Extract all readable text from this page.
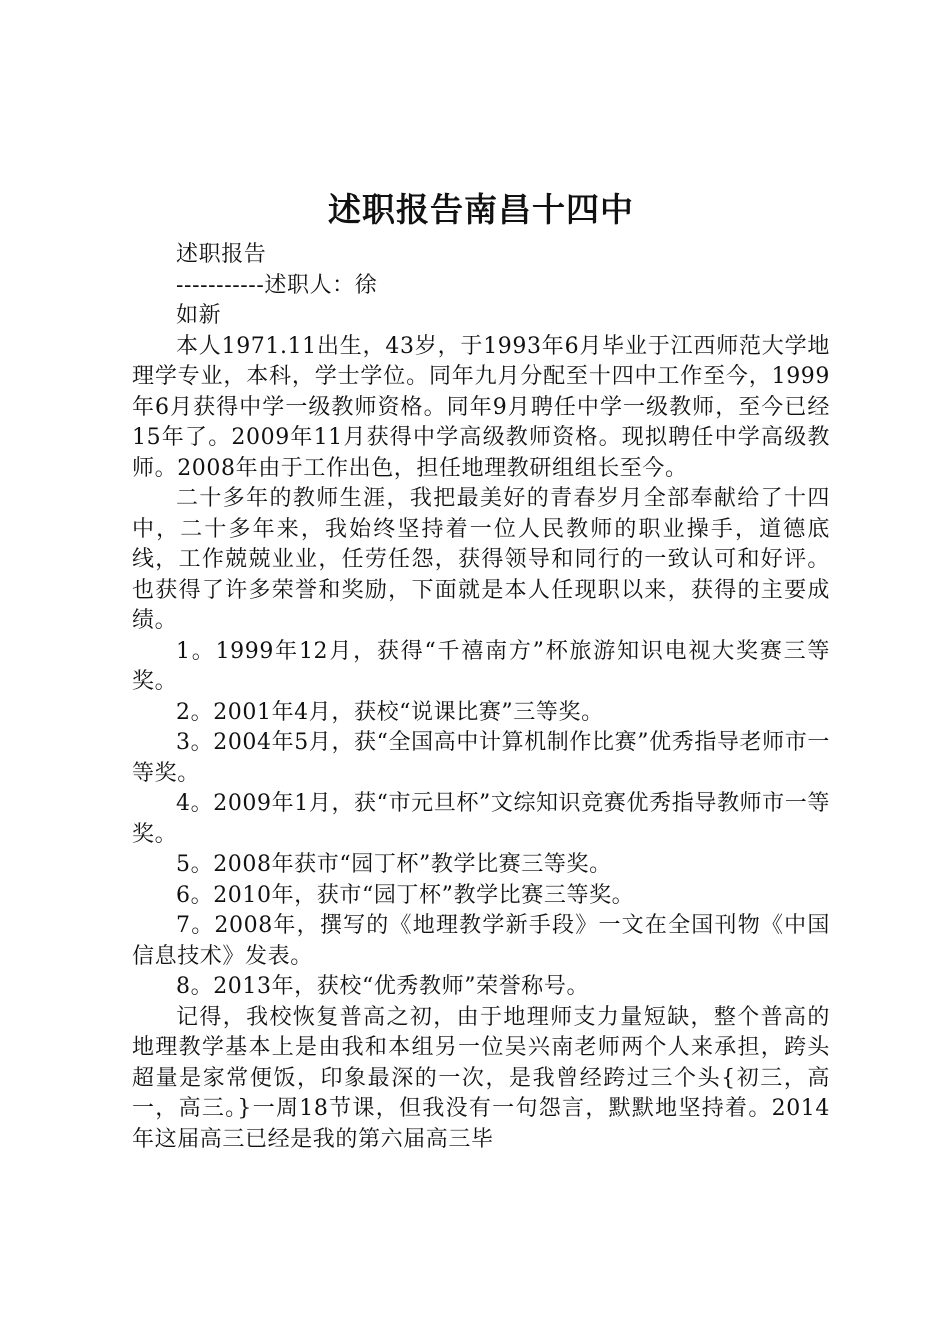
述职报告南昌十四中

述职报告

-----------述职人：徐

如新

本人1971.11出生，43岁，于1993年6月毕业于江西师范大学地理学专业，本科，学士学位。同年九月分配至十四中工作至今，1999年6月获得中学一级教师资格。同年9月聘任中学一级教师，至今已经15年了。2009年11月获得中学高级教师资格。现拟聘任中学高级教师。2008年由于工作出色，担任地理教研组组长至今。

二十多年的教师生涯，我把最美好的青春岁月全部奉献给了十四中，二十多年来，我始终坚持着一位人民教师的职业操手，道德底线，工作兢兢业业，任劳任怨，获得领导和同行的一致认可和好评。也获得了许多荣誉和奖励，下面就是本人任现职以来，获得的主要成绩。

1。1999年12月，获得“千禧南方”杯旅游知识电视大奖赛三等奖。

2。2001年4月，获校“说课比赛”三等奖。

3。2004年5月，获“全国高中计算机制作比赛”优秀指导老师市一等奖。

4。2009年1月，获“市元旦杯”文综知识竞赛优秀指导教师市一等奖。

5。2008年获市“园丁杯”教学比赛三等奖。

6。2010年，获市“园丁杯”教学比赛三等奖。

7。2008年，撰写的《地理教学新手段》一文在全国刊物《中国信息技术》发表。

8。2013年，获校“优秀教师”荣誉称号。

记得，我校恢复普高之初，由于地理师支力量短缺，整个普高的地理教学基本上是由我和本组另一位吴兴南老师两个人来承担，跨头超量是家常便饭，印象最深的一次，是我曾经跨过三个头{初三，高一，高三。}一周18节课，但我没有一句怨言，默默地坚持着。2014年这届高三已经是我的第六届高三毕
